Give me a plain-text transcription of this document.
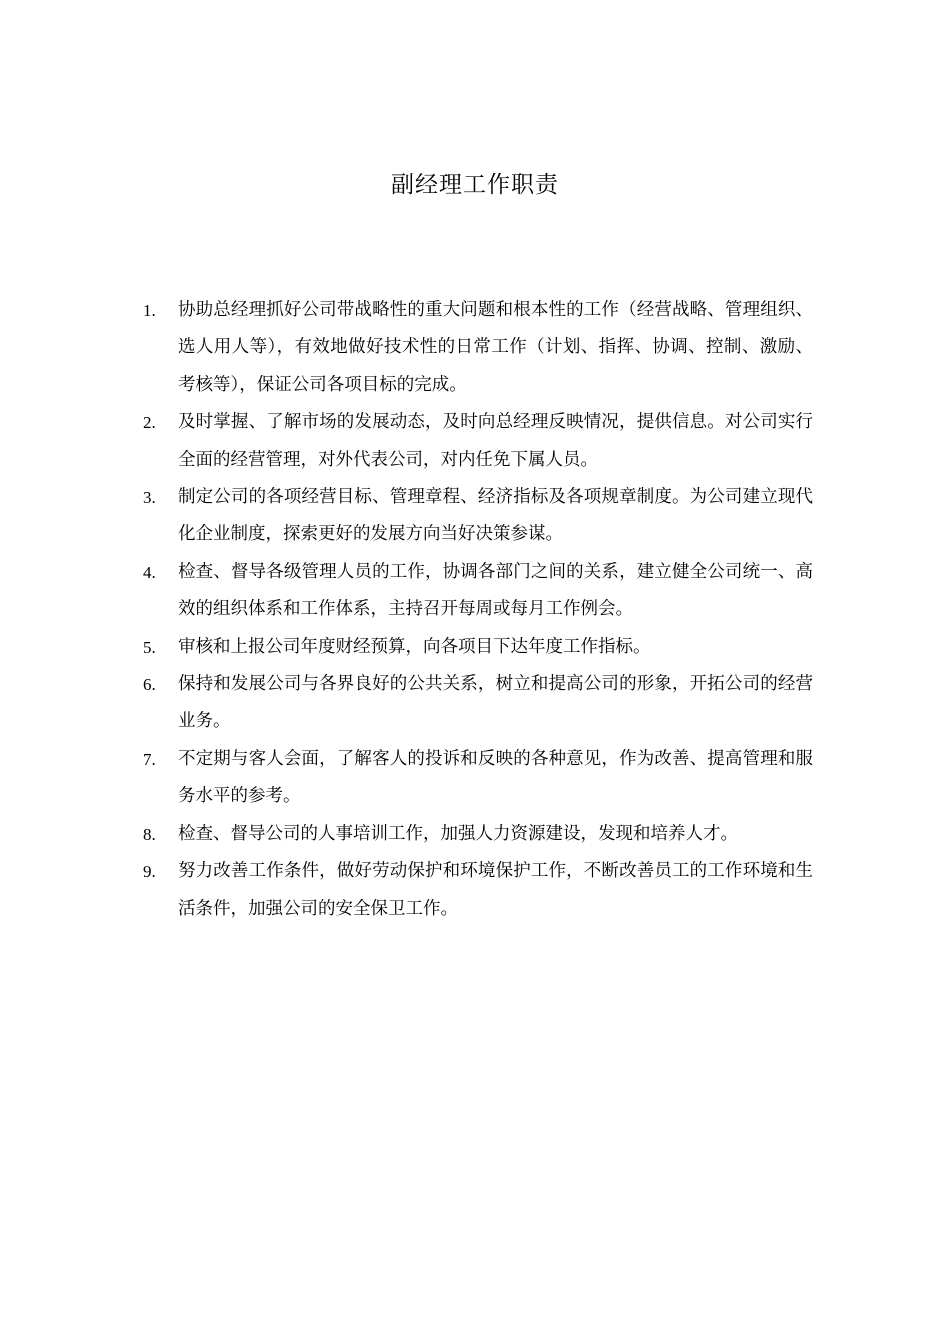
副经理工作职责
1. 协助总经理抓好公司带战略性的重大问题和根本性的工作（经营战略、管理组织、选人用人等），有效地做好技术性的日常工作（计划、指挥、协调、控制、激励、考核等），保证公司各项目标的完成。
2. 及时掌握、了解市场的发展动态，及时向总经理反映情况，提供信息。对公司实行全面的经营管理，对外代表公司，对内任免下属人员。
3. 制定公司的各项经营目标、管理章程、经济指标及各项规章制度。为公司建立现代化企业制度，探索更好的发展方向当好决策参谋。
4. 检查、督导各级管理人员的工作，协调各部门之间的关系，建立健全公司统一、高效的组织体系和工作体系，主持召开每周或每月工作例会。
5. 审核和上报公司年度财经预算，向各项目下达年度工作指标。
6. 保持和发展公司与各界良好的公共关系，树立和提高公司的形象，开拓公司的经营业务。
7. 不定期与客人会面，了解客人的投诉和反映的各种意见，作为改善、提高管理和服务水平的参考。
8. 检查、督导公司的人事培训工作，加强人力资源建设，发现和培养人才。
9. 努力改善工作条件，做好劳动保护和环境保护工作，不断改善员工的工作环境和生活条件，加强公司的安全保卫工作。
